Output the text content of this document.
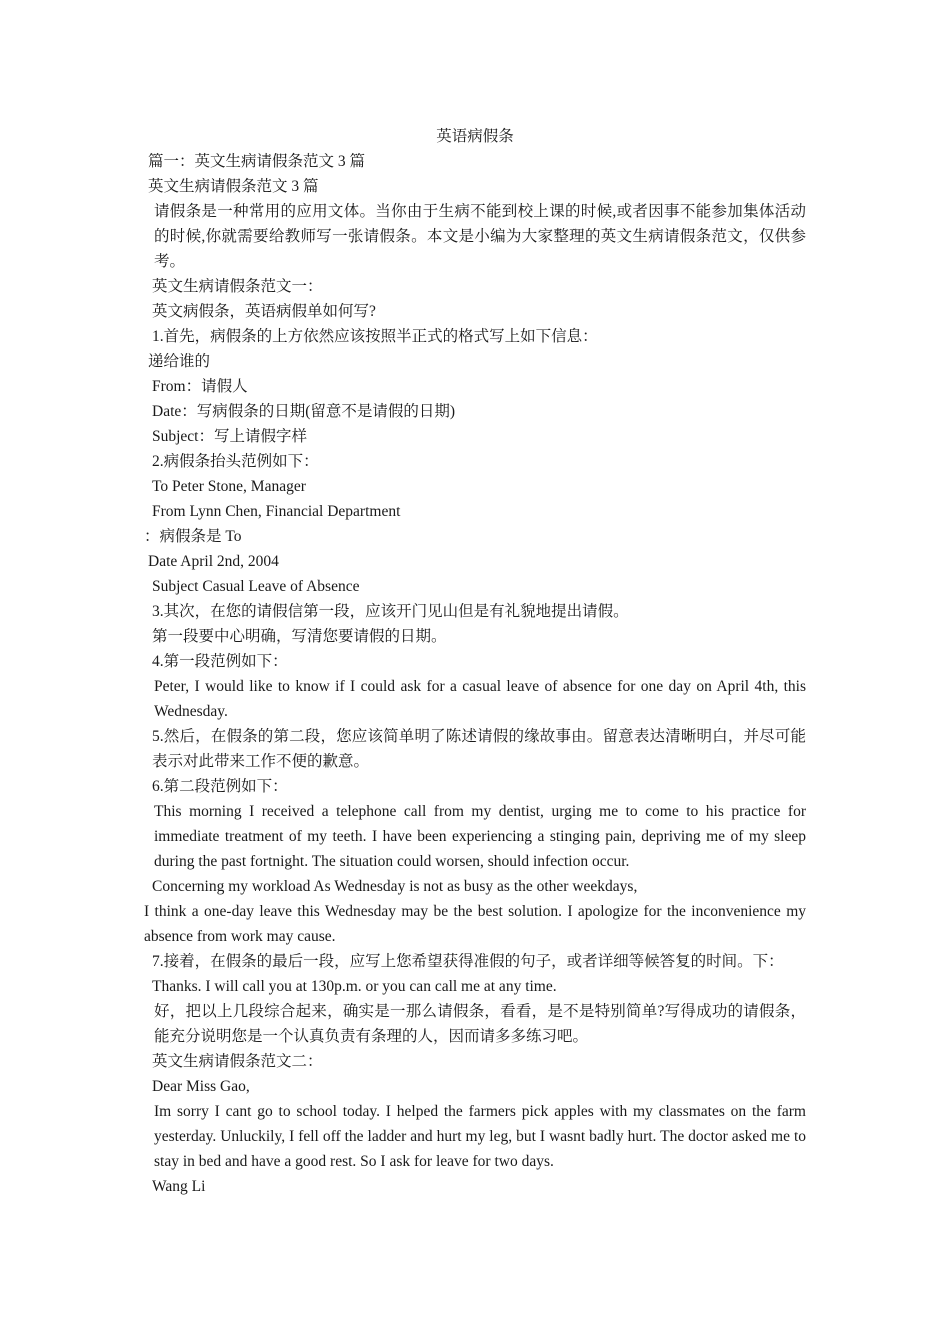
英语病假条

篇一：英文生病请假条范文 3 篇

英文生病请假条范文 3 篇

请假条是一种常用的应用文体。当你由于生病不能到校上课的时候,或者因事不能参加集体活动的时候,你就需要给教师写一张请假条。本文是小编为大家整理的英文生病请假条范文，仅供参考。

英文生病请假条范文一：

英文病假条，英语病假单如何写?

1.首先，病假条的上方依然应该按照半正式的格式写上如下信息：

递给谁的

From：请假人

Date：写病假条的日期(留意不是请假的日期)

Subject：写上请假字样

2.病假条抬头范例如下：

To Peter Stone, Manager

From Lynn Chen, Financial Department

：病假条是 To

Date April 2nd, 2004

Subject Casual Leave of Absence

3.其次，在您的请假信第一段，应该开门见山但是有礼貌地提出请假。

第一段要中心明确，写清您要请假的日期。

4.第一段范例如下：

Peter, I would like to know if I could ask for a casual leave of absence for one day on April 4th, this Wednesday.

5.然后，在假条的第二段，您应该简单明了陈述请假的缘故事由。留意表达清晰明白，并尽可能表示对此带来工作不便的歉意。

6.第二段范例如下：

This morning I received a telephone call from my dentist, urging me to come to his practice for immediate treatment of my teeth. I have been experiencing a stinging pain, depriving me of my sleep during the past fortnight. The situation could worsen, should infection occur.

Concerning my workload As Wednesday is not as busy as the other weekdays,

I think a one-day leave this Wednesday may be the best solution. I apologize for the inconvenience my absence from work may cause.

7.接着，在假条的最后一段，应写上您希望获得准假的句子，或者详细等候答复的时间。下：

Thanks. I will call you at 130p.m. or you can call me at any time.

好，把以上几段综合起来，确实是一那么请假条，看看，是不是特别简单?写得成功的请假条，能充分说明您是一个认真负责有条理的人，因而请多多练习吧。

英文生病请假条范文二：

Dear Miss Gao,

Im sorry I cant go to school today. I helped the farmers pick apples with my classmates on the farm yesterday. Unluckily, I fell off the ladder and hurt my leg, but I wasnt badly hurt. The doctor asked me to stay in bed and have a good rest. So I ask for leave for two days.

Wang Li
